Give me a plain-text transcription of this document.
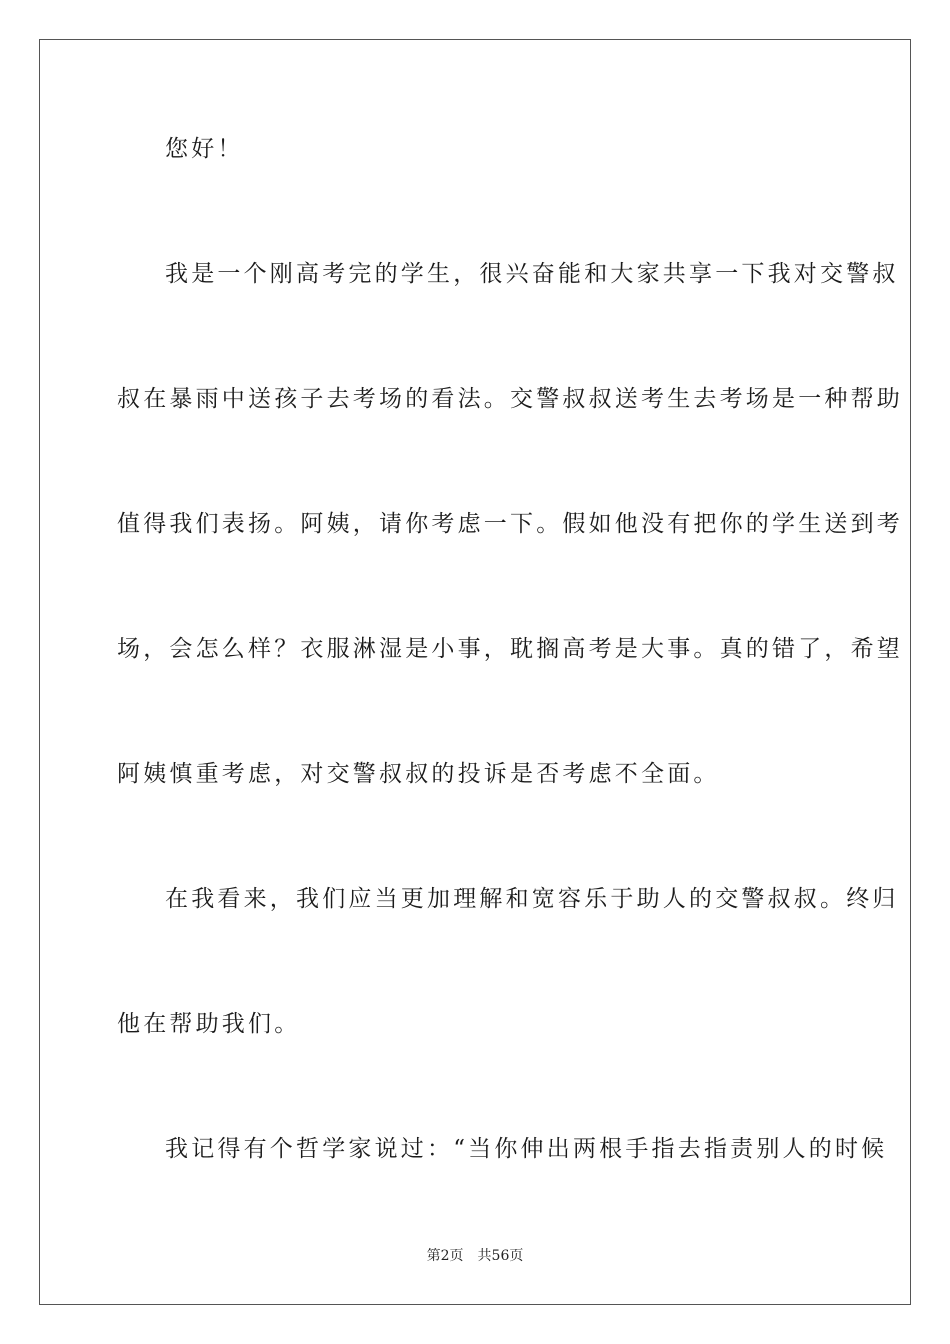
您好！

我是一个刚高考完的学生，很兴奋能和大家共享一下我对交警叔

叔在暴雨中送孩子去考场的看法。交警叔叔送考生去考场是一种帮助

值得我们表扬。阿姨，请你考虑一下。假如他没有把你的学生送到考

场，会怎么样？衣服淋湿是小事，耽搁高考是大事。真的错了，希望

阿姨慎重考虑，对交警叔叔的投诉是否考虑不全面。

在我看来，我们应当更加理解和宽容乐于助人的交警叔叔。终归

他在帮助我们。

我记得有个哲学家说过：“当你伸出两根手指去指责别人的时候

第2页 共56页
